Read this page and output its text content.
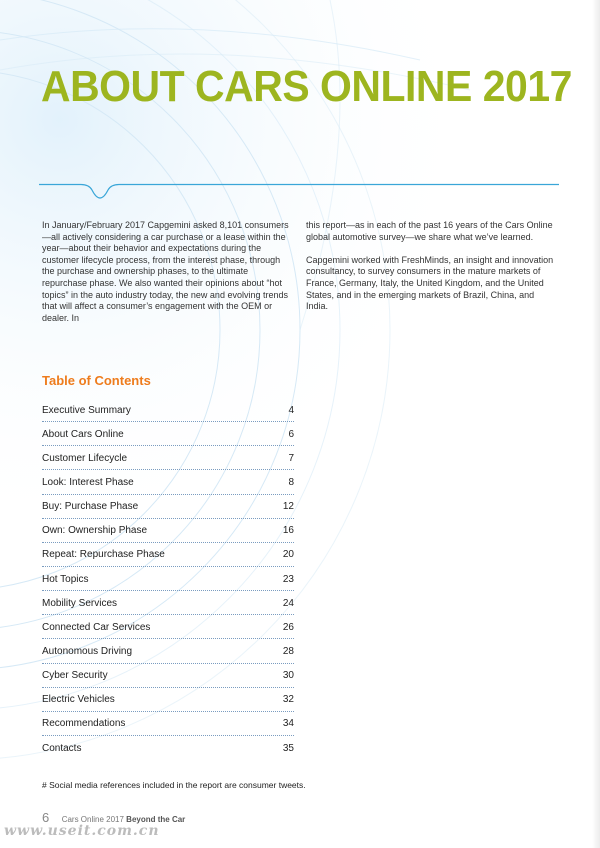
ABOUT CARS ONLINE 2017

In January/February 2017 Capgemini asked 8,101 consumers—all actively considering a car purchase or a lease within the year—about their behavior and expectations during the customer lifecycle process, from the interest phase, through the purchase and ownership phases, to the ultimate repurchase phase. We also wanted their opinions about “hot topics” in the auto industry today, the new and evolving trends that will affect a consumer’s engagement with the OEM or dealer. In

this report—as in each of the past 16 years of the Cars Online global automotive survey—we share what we’ve learned.

Capgemini worked with FreshMinds, an insight and innovation consultancy, to survey consumers in the mature markets of France, Germany, Italy, the United Kingdom, and the United States, and in the emerging markets of Brazil, China, and India.

Table of Contents
Executive Summary	4
About Cars Online	6
Customer Lifecycle	7
Look: Interest Phase	8
Buy: Purchase Phase	12
Own: Ownership Phase	16
Repeat: Repurchase Phase	20
Hot Topics	23
Mobility Services	24
Connected Car Services	26
Autonomous Driving	28
Cyber Security	30
Electric Vehicles	32
Recommendations	34
Contacts	35
# Social media references included in the report are consumer tweets.
6 Cars Online 2017 Beyond the Car
www.useit.com.cn
